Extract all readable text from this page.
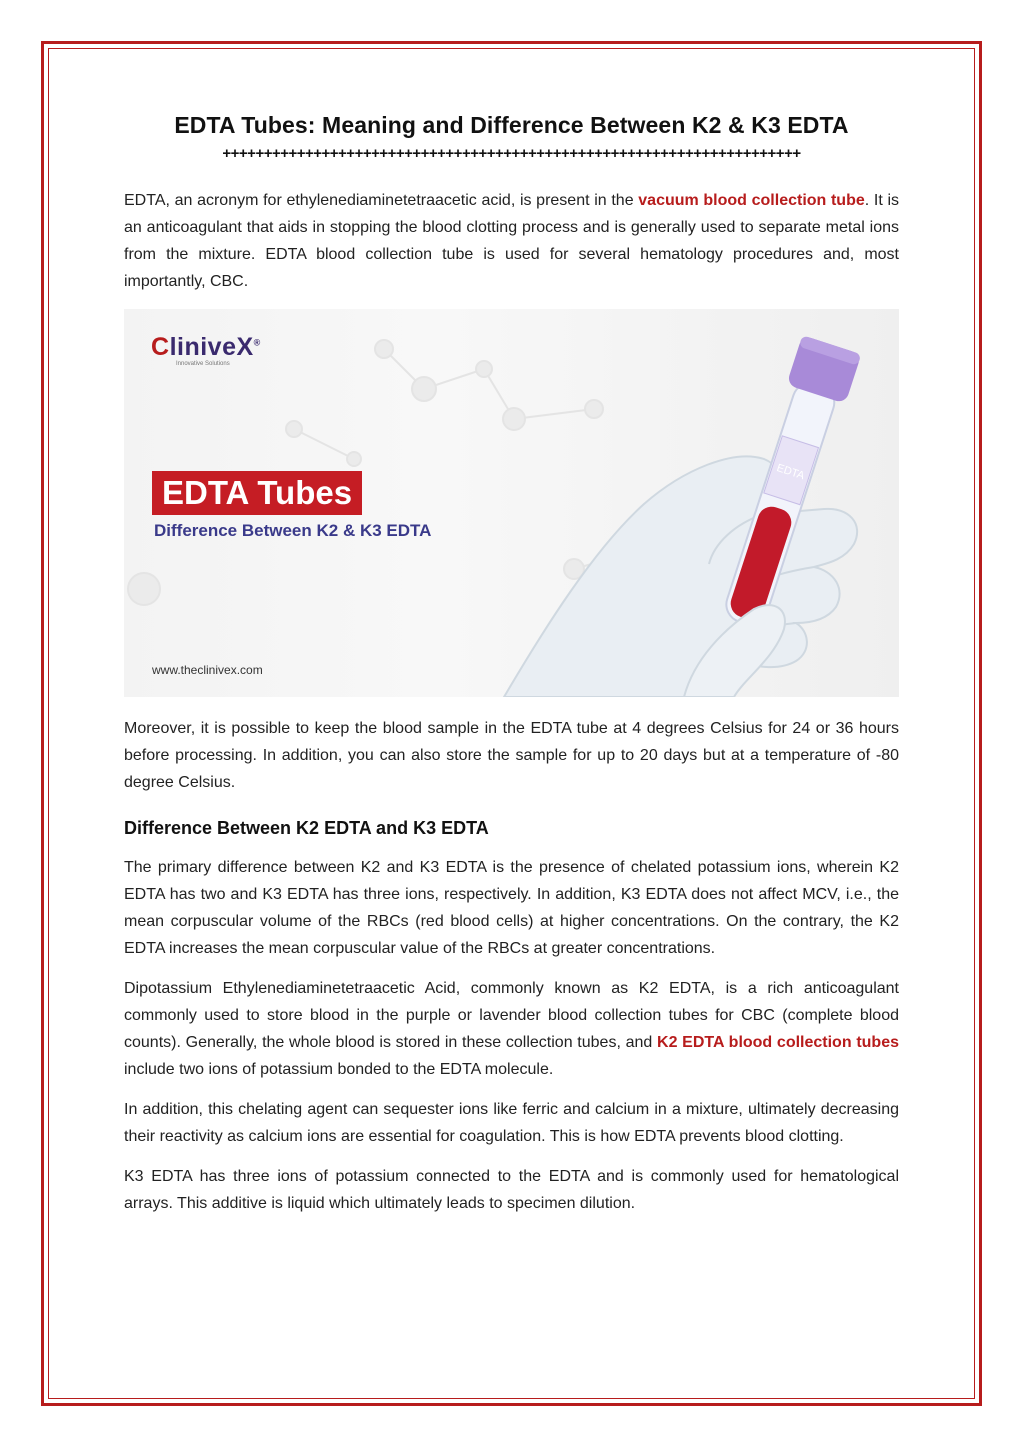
EDTA Tubes: Meaning and Difference Between K2 & K3 EDTA
++++++++++++++++++++++++++++++++++++++++++++++++++++++++++++++++++++++

EDTA, an acronym for ethylenediaminetetraacetic acid, is present in the vacuum blood collection tube. It is an anticoagulant that aids in stopping the blood clotting process and is generally used to separate metal ions from the mixture. EDTA blood collection tube is used for several hematology procedures and, most importantly, CBC.

EDTA
CliniveX®
Innovative Solutions
EDTA Tubes
Difference Between K2 & K3 EDTA
www.theclinivex.com

Moreover, it is possible to keep the blood sample in the EDTA tube at 4 degrees Celsius for 24 or 36 hours before processing. In addition, you can also store the sample for up to 20 days but at a temperature of -80 degree Celsius.

Difference Between K2 EDTA and K3 EDTA

The primary difference between K2 and K3 EDTA is the presence of chelated potassium ions, wherein K2 EDTA has two and K3 EDTA has three ions, respectively. In addition, K3 EDTA does not affect MCV, i.e., the mean corpuscular volume of the RBCs (red blood cells) at higher concentrations. On the contrary, the K2 EDTA increases the mean corpuscular value of the RBCs at greater concentrations.

Dipotassium Ethylenediaminetetraacetic Acid, commonly known as K2 EDTA, is a rich anticoagulant commonly used to store blood in the purple or lavender blood collection tubes for CBC (complete blood counts). Generally, the whole blood is stored in these collection tubes, and K2 EDTA blood collection tubes include two ions of potassium bonded to the EDTA molecule.

In addition, this chelating agent can sequester ions like ferric and calcium in a mixture, ultimately decreasing their reactivity as calcium ions are essential for coagulation. This is how EDTA prevents blood clotting.

K3 EDTA has three ions of potassium connected to the EDTA and is commonly used for hematological arrays. This additive is liquid which ultimately leads to specimen dilution.
